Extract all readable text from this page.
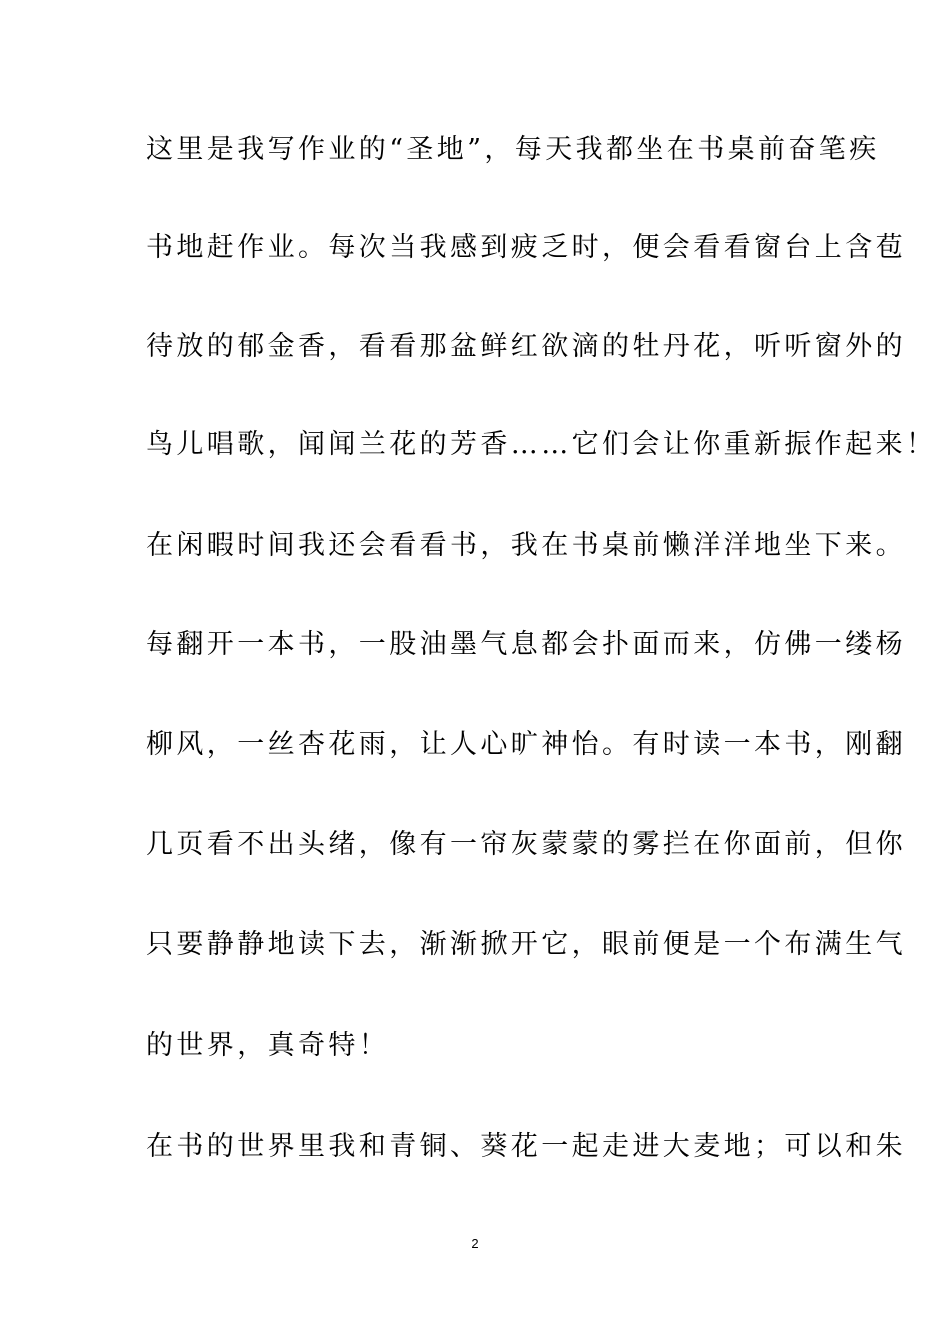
这里是我写作业的“圣地”，每天我都坐在书桌前奋笔疾
书地赶作业。每次当我感到疲乏时，便会看看窗台上含苞
待放的郁金香，看看那盆鲜红欲滴的牡丹花，听听窗外的
鸟儿唱歌，闻闻兰花的芳香……它们会让你重新振作起来！
在闲暇时间我还会看看书，我在书桌前懒洋洋地坐下来。
每翻开一本书，一股油墨气息都会扑面而来，仿佛一缕杨
柳风，一丝杏花雨，让人心旷神怡。有时读一本书，刚翻
几页看不出头绪，像有一帘灰蒙蒙的雾拦在你面前，但你
只要静静地读下去，渐渐掀开它，眼前便是一个布满生气
的世界，真奇特！
在书的世界里我和青铜、葵花一起走进大麦地；可以和朱
2
